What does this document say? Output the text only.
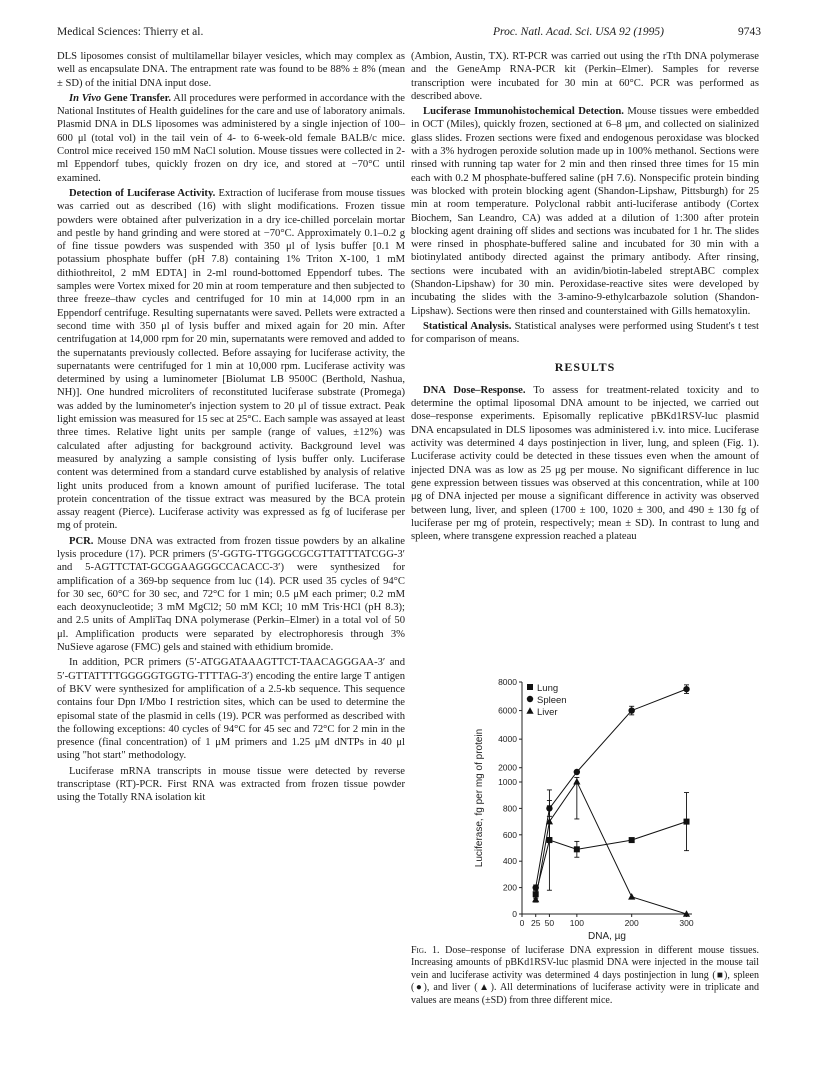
Medical Sciences: Thierry et al.	Proc. Natl. Acad. Sci. USA 92 (1995)	9743

DLS liposomes consist of multilamellar bilayer vesicles, which may complex as well as encapsulate DNA. The entrapment rate was found to be 88% ± 8% (mean ± SD) of the initial DNA input dose.

In Vivo Gene Transfer. All procedures were performed in accordance with the National Institutes of Health guidelines for the care and use of laboratory animals. Plasmid DNA in DLS liposomes was administered by a single injection of 100–600 μl (total vol) in the tail vein of 4- to 6-week-old female BALB/c mice. Control mice received 150 mM NaCl solution. Mouse tissues were collected in 2-ml Eppendorf tubes, quickly frozen on dry ice, and stored at −70°C until examined.

Detection of Luciferase Activity. Extraction of luciferase from mouse tissues was carried out as described (16) with slight modifications. Frozen tissue powders were obtained after pulverization in a dry ice-chilled porcelain mortar and pestle by hand grinding and were stored at −70°C. Approximately 0.1–0.2 g of fine tissue powders was suspended with 350 μl of lysis buffer [0.1 M potassium phosphate buffer (pH 7.8) containing 1% Triton X-100, 1 mM dithiothreitol, 2 mM EDTA] in 2-ml round-bottomed Eppendorf tubes. The samples were Vortex mixed for 20 min at room temperature and then subjected to three freeze–thaw cycles and centrifuged for 10 min at 14,000 rpm in an Eppendorf centrifuge. Resulting supernatants were saved. Pellets were extracted a second time with 350 μl of lysis buffer and mixed again for 20 min. After centrifugation at 14,000 rpm for 20 min, supernatants were removed and added to the supernatants previously collected. Before assaying for luciferase activity, the supernatants were centrifuged for 1 min at 10,000 rpm. Luciferase activity was determined by using a luminometer [Biolumat LB 9500C (Berthold, Nashua, NH)]. One hundred microliters of reconstituted luciferase substrate (Promega) was added by the luminometer's injection system to 20 μl of tissue extract. Peak light emission was measured for 15 sec at 25°C. Each sample was assayed at least three times. Relative light units per sample (range of values, ±12%) was calculated after adjusting for background activity. Background level was measured by analyzing a sample consisting of lysis buffer only. Luciferase content was determined from a standard curve established by analysis of relative light units produced from a known amount of purified luciferase. The total protein concentration of the tissue extract was measured by the BCA protein assay reagent (Pierce). Luciferase activity was expressed as fg of luciferase per mg of protein.

PCR. Mouse DNA was extracted from frozen tissue powders by an alkaline lysis procedure (17). PCR primers (5′-GGTG-TTGGGCGCGTTATTTATCGG-3′ and 5-AGTTCTAT-GCGGAAGGGCCACACC-3′) were synthesized for amplification of a 369-bp sequence from luc (14). PCR used 35 cycles of 94°C for 30 sec, 60°C for 30 sec, and 72°C for 1 min; 0.5 μM each primer; 0.2 mM each deoxynucleotide; 3 mM MgCl2; 50 mM KCl; 10 mM Tris·HCl (pH 8.3); and 2.5 units of AmpliTaq DNA polymerase (Perkin–Elmer) in a total vol of 50 μl. Amplification products were separated by electrophoresis through 3% NuSieve agarose (FMC) gels and stained with ethidium bromide.

In addition, PCR primers (5′-ATGGATAAAGTTCT-TAACAGGGAA-3′ and 5′-GTTATTTTGGGGGTGGTG-TTTTAG-3′) encoding the entire large T antigen of BKV were synthesized for amplification of a 2.5-kb sequence. This sequence contains four Dpn I/Mbo I restriction sites, which can be used to determine the episomal state of the plasmid in cells (19). PCR was performed as described with the following exceptions: 40 cycles of 94°C for 45 sec and 72°C for 2 min in the presence (final concentration) of 1 μM primers and 1.25 μM dNTPs in 40 μl using "hot start" methodology.

Luciferase mRNA transcripts in mouse tissue were detected by reverse transcriptase (RT)-PCR. First RNA was extracted from frozen tissue powder using the Totally RNA isolation kit

(Ambion, Austin, TX). RT-PCR was carried out using the rTth DNA polymerase and the GeneAmp RNA-PCR kit (Perkin–Elmer). Samples for reverse transcription were incubated for 30 min at 60°C. PCR was performed as described above.

Luciferase Immunohistochemical Detection. Mouse tissues were embedded in OCT (Miles), quickly frozen, sectioned at 6–8 μm, and collected on sialinized glass slides. Frozen sections were fixed and endogenous peroxidase was blocked with a 3% hydrogen peroxide solution made up in 100% methanol. Sections were rinsed with running tap water for 2 min and then rinsed three times for 15 min each with 0.2 M phosphate-buffered saline (pH 7.6). Nonspecific protein binding was blocked with protein blocking agent (Shandon-Lipshaw, Pittsburgh) for 25 min at room temperature. Polyclonal rabbit anti-luciferase antibody (Cortex Biochem, San Leandro, CA) was added at a dilution of 1:300 after protein blocking agent draining off slides and sections was incubated for 1 hr. The slides were rinsed in phosphate-buffered saline and incubated for 30 min with a biotinylated antibody directed against the primary antibody. After rinsing, sections were incubated with an avidin/biotin-labeled streptABC complex (Shandon-Lipshaw) for 30 min. Peroxidase-reactive sites were developed by incubating the slides with the 3-amino-9-ethylcarbazole solution (Shandon-Lipshaw). Sections were then rinsed and counterstained with Gills hematoxylin.

Statistical Analysis. Statistical analyses were performed using Student's t test for comparison of means.

RESULTS

DNA Dose–Response. To assess for treatment-related toxicity and to determine the optimal liposomal DNA amount to be injected, we carried out dose–response experiments. Episomally replicative pBKd1RSV-luc plasmid DNA encapsulated in DLS liposomes was administered i.v. into mice. Luciferase activity was determined 4 days postinjection in liver, lung, and spleen (Fig. 1). Luciferase activity could be detected in these tissues even when the amount of injected DNA was as low as 25 μg per mouse. No significant difference in luc gene expression between tissues was observed at this concentration, while at 100 μg of DNA injected per mouse a significant difference in activity was observed between lung, liver, and spleen (1700 ± 100, 1020 ± 300, and 490 ± 130 fg of luciferase per mg of protein, respectively; mean ± SD). In contrast to lung and spleen, where transgene expression reached a plateau

0
200
400
600
800
1000
2000
4000
6000
8000
0 25 50 100	200	300
DNA, µg
Luciferase, fg per mg of protein
Lung
Spleen
Liver
Fig. 1. Dose–response of luciferase DNA expression in different mouse tissues. Increasing amounts of pBKd1RSV-luc plasmid DNA were injected in the mouse tail vein and luciferase activity was determined 4 days postinjection in lung (■), spleen (●), and liver (▲). All determinations of luciferase activity were in triplicate and values are means (±SD) from three different mice.
